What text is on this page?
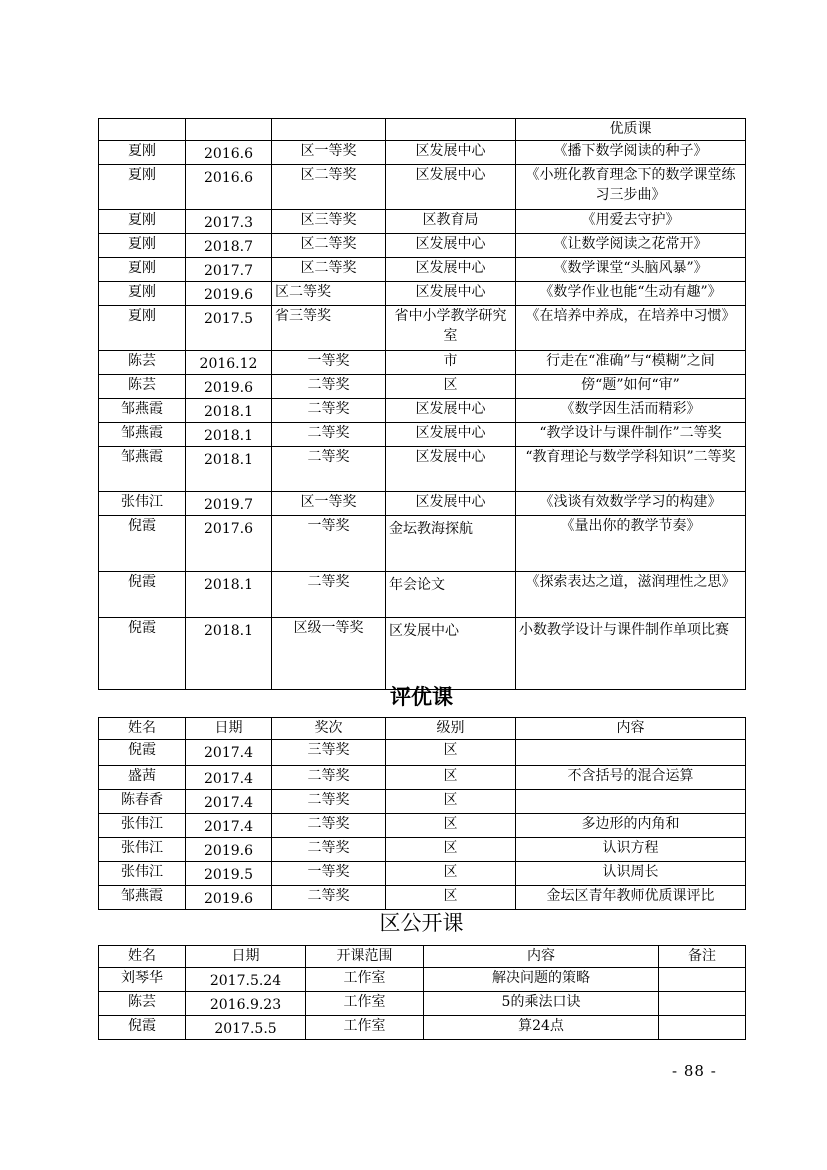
				优质课
夏刚	2016.6	区一等奖	区发展中心	《播下数学阅读的种子》
夏刚	2016.6	区二等奖	区发展中心	《小班化教育理念下的数学课堂练习三步曲》
夏刚	2017.3	区三等奖	区教育局	《用爱去守护》
夏刚	2018.7	区二等奖	区发展中心	《让数学阅读之花常开》
夏刚	2017.7	区二等奖	区发展中心	《数学课堂“头脑风暴”》
夏刚	2019.6	区二等奖	区发展中心	《数学作业也能“生动有趣”》
夏刚	2017.5	省三等奖	省中小学教学研究室	《在培养中养成，在培养中习惯》
陈芸	2016.12	一等奖	市	行走在“准确”与“模糊”之间
陈芸	2019.6	二等奖	区	傍“题”如何“审”
邹燕霞	2018.1	二等奖	区发展中心	《数学因生活而精彩》
邹燕霞	2018.1	二等奖	区发展中心	“教学设计与课件制作”二等奖
邹燕霞	2018.1	二等奖	区发展中心	“教育理论与数学学科知识”二等奖
张伟江	2019.7	区一等奖	区发展中心	《浅谈有效数学学习的构建》
倪霞	2017.6	一等奖	金坛教海探航	《量出你的教学节奏》
倪霞	2018.1	二等奖	年会论文	《探索表达之道，滋润理性之思》
倪霞	2018.1	区级一等奖	区发展中心	小数教学设计与课件制作单项比赛
评优课
姓名	日期	奖次	级别	内容
倪霞	2017.4	三等奖	区	
盛茜	2017.4	二等奖	区	不含括号的混合运算
陈春香	2017.4	二等奖	区	
张伟江	2017.4	二等奖	区	多边形的内角和
张伟江	2019.6	二等奖	区	认识方程
张伟江	2019.5	一等奖	区	认识周长
邹燕霞	2019.6	二等奖	区	金坛区青年教师优质课评比
区公开课
姓名	日期	开课范围	内容	备注
刘琴华	2017.5.24	工作室	解决问题的策略	
陈芸	2016.9.23	工作室	5的乘法口诀	
倪霞	2017.5.5	工作室	算24点	
- 88 -
